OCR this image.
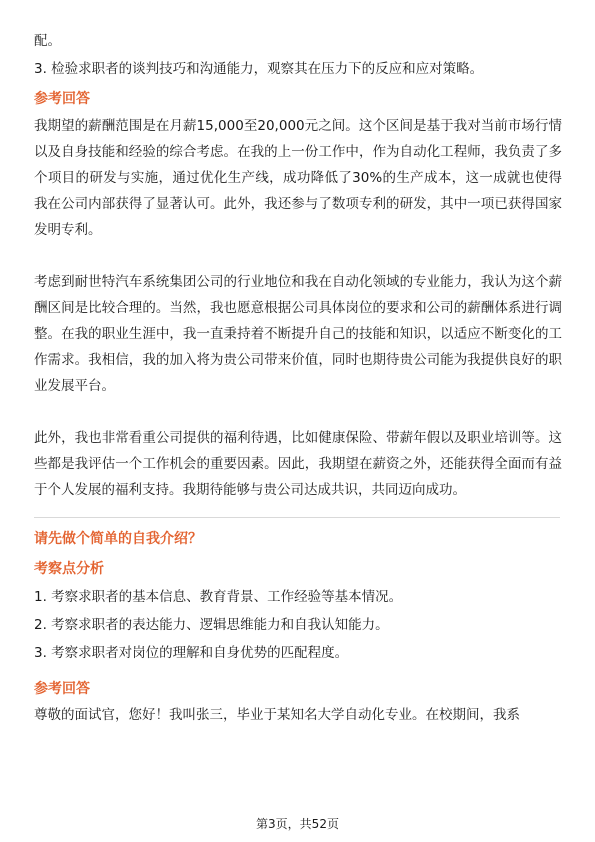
配。

3. 检验求职者的谈判技巧和沟通能力，观察其在压力下的反应和应对策略。

参考回答

我期望的薪酬范围是在月薪15,000至20,000元之间。这个区间是基于我对当前市场行情以及自身技能和经验的综合考虑。在我的上一份工作中，作为自动化工程师，我负责了多个项目的研发与实施，通过优化生产线，成功降低了30%的生产成本，这一成就也使得我在公司内部获得了显著认可。此外，我还参与了数项专利的研发，其中一项已获得国家发明专利。

考虑到耐世特汽车系统集团公司的行业地位和我在自动化领域的专业能力，我认为这个薪酬区间是比较合理的。当然，我也愿意根据公司具体岗位的要求和公司的薪酬体系进行调整。在我的职业生涯中，我一直秉持着不断提升自己的技能和知识，以适应不断变化的工作需求。我相信，我的加入将为贵公司带来价值，同时也期待贵公司能为我提供良好的职业发展平台。

此外，我也非常看重公司提供的福利待遇，比如健康保险、带薪年假以及职业培训等。这些都是我评估一个工作机会的重要因素。因此，我期望在薪资之外，还能获得全面而有益于个人发展的福利支持。我期待能够与贵公司达成共识，共同迈向成功。

请先做个简单的自我介绍？

考察点分析

1. 考察求职者的基本信息、教育背景、工作经验等基本情况。

2. 考察求职者的表达能力、逻辑思维能力和自我认知能力。

3. 考察求职者对岗位的理解和自身优势的匹配程度。

参考回答

尊敬的面试官，您好！我叫张三，毕业于某知名大学自动化专业。在校期间，我系

第3页，共52页
